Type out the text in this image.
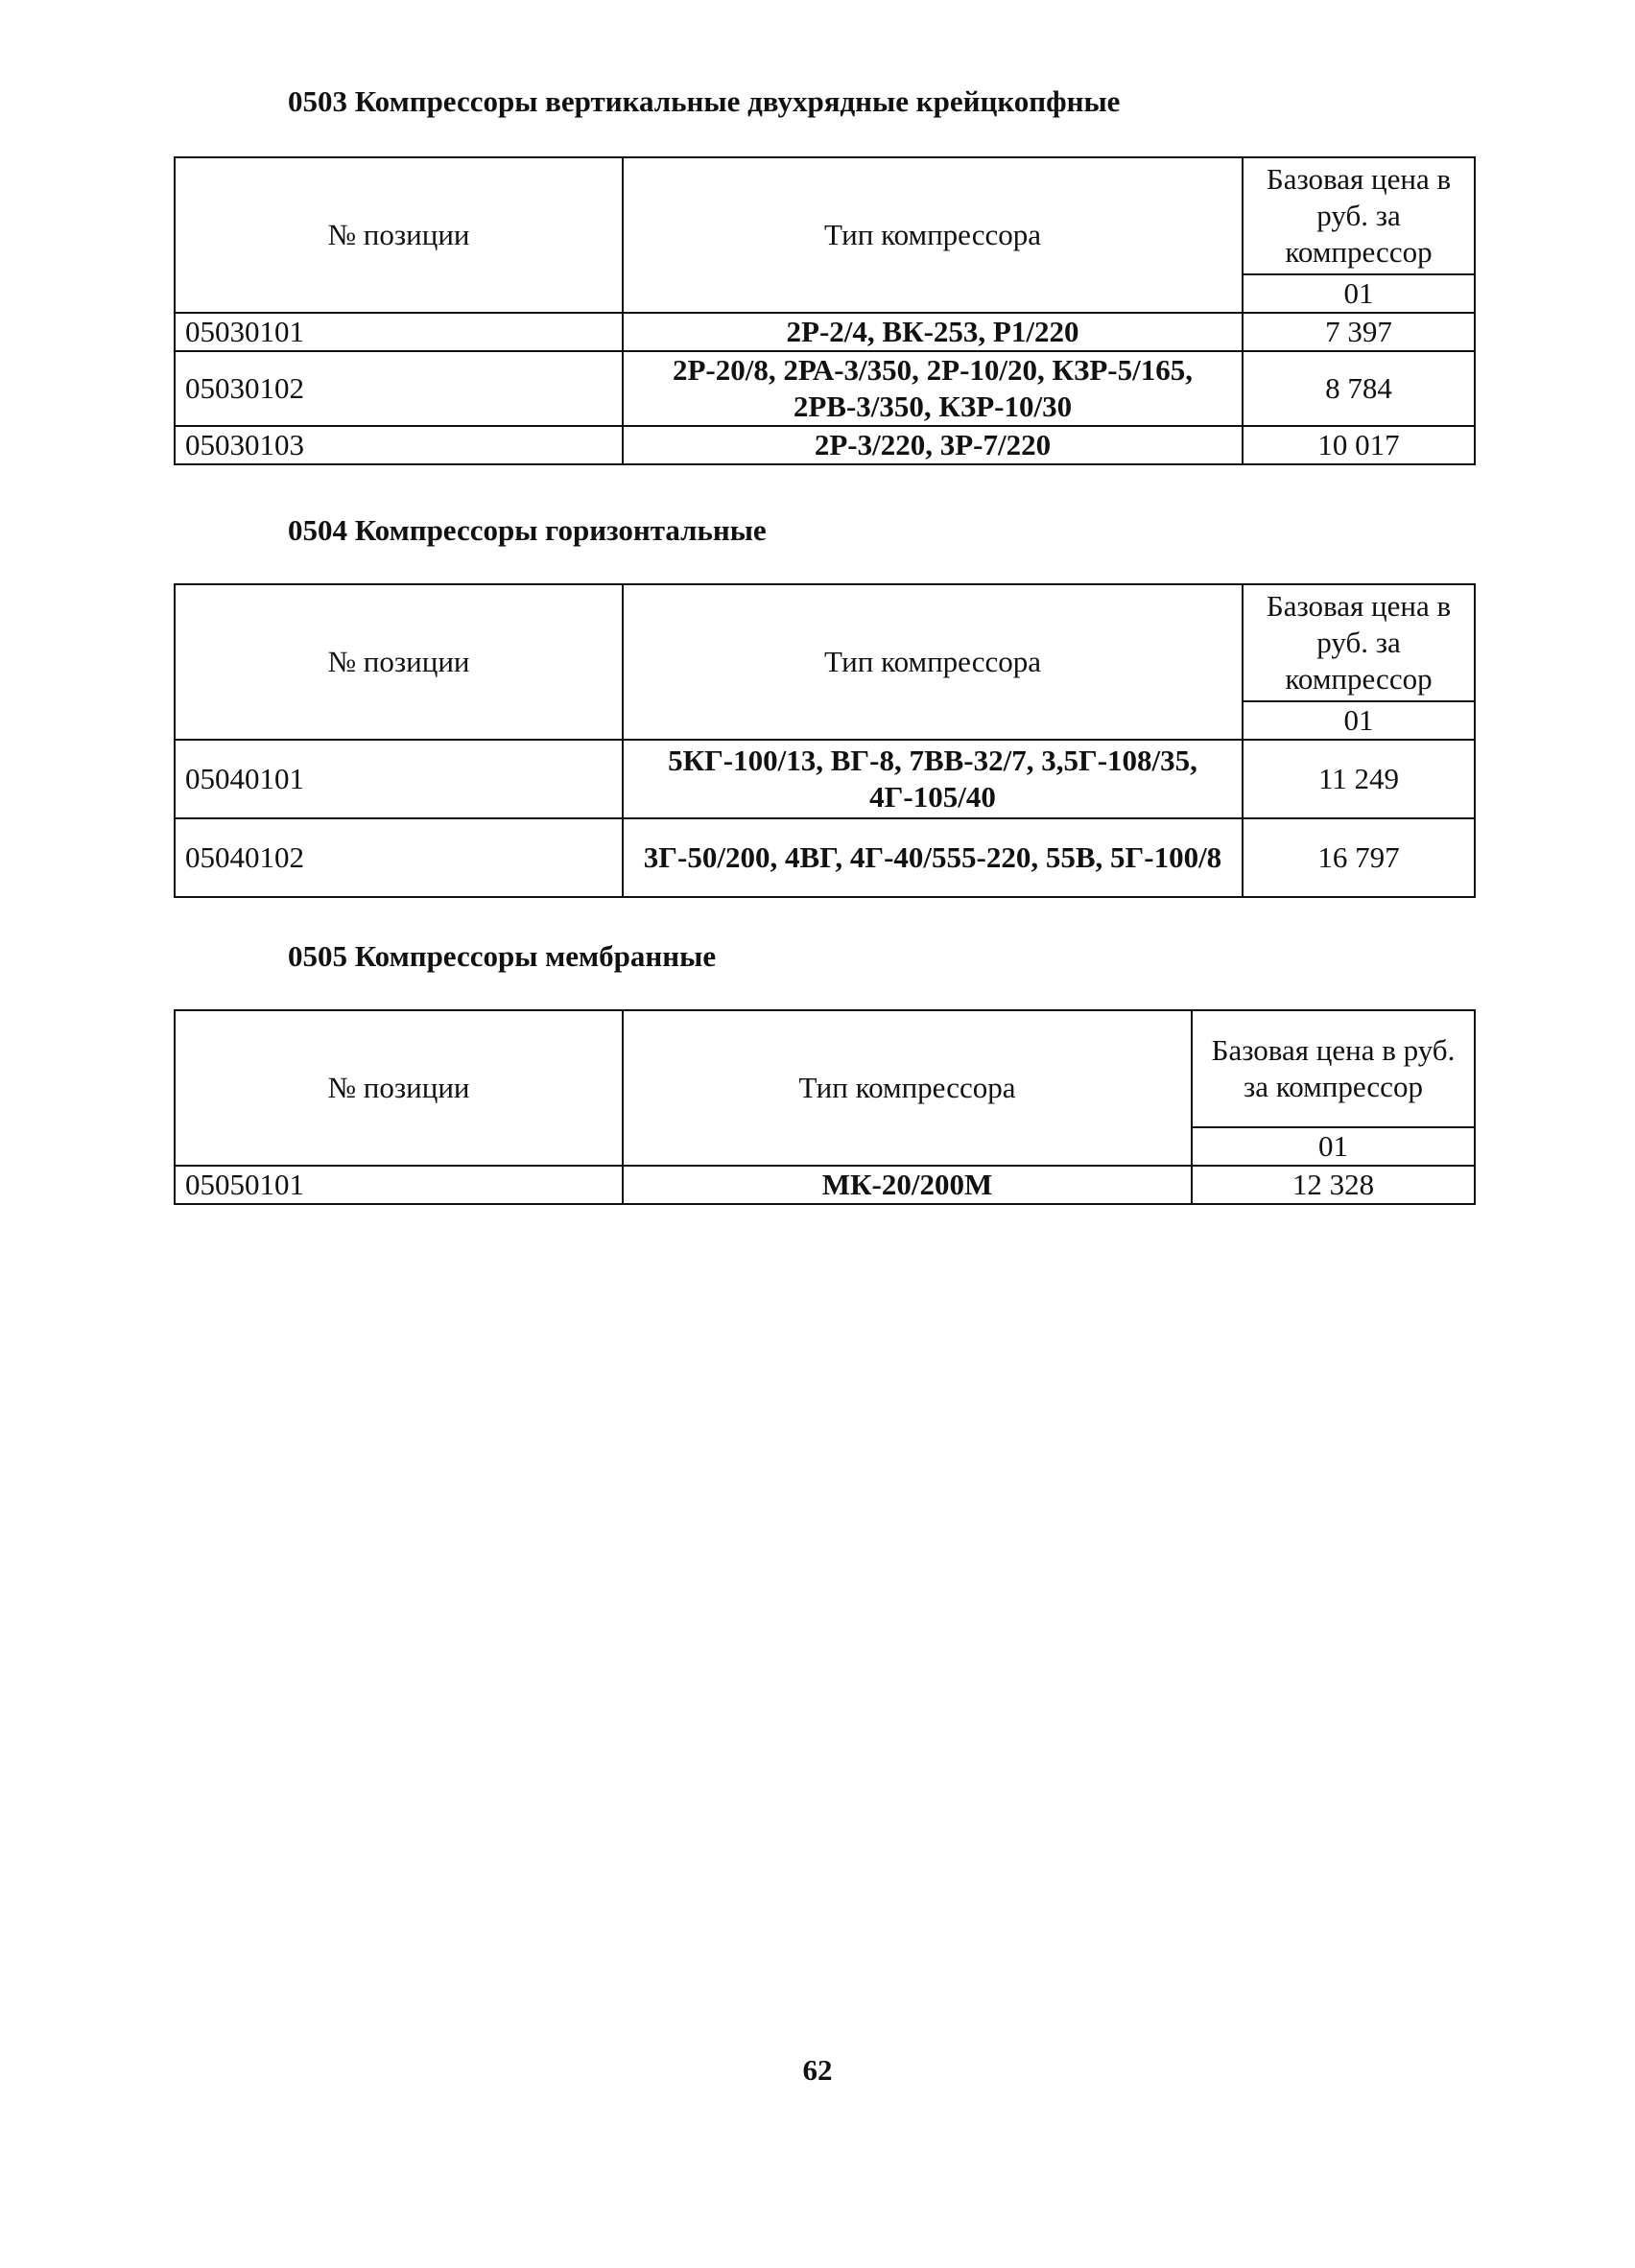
0503 Компрессоры вертикальные двухрядные крейцкопфные
№ позиции	Тип компрессора	Базовая цена в руб. за компрессор
		01
05030101	2Р-2/4, ВК-253, Р1/220	7 397
05030102	2Р-20/8, 2РА-3/350, 2Р-10/20, КЗР-5/165, 2РВ-3/350, КЗР-10/30	8 784
05030103	2Р-3/220, 3Р-7/220	10 017
0504 Компрессоры горизонтальные
№ позиции	Тип компрессора	Базовая цена в руб. за компрессор
		01
05040101	5КГ-100/13, ВГ-8, 7ВВ-32/7, 3,5Г-108/35, 4Г-105/40	11 249
05040102	3Г-50/200, 4ВГ, 4Г-40/555-220, 55В, 5Г-100/8	16 797
0505 Компрессоры мембранные
№ позиции	Тип компрессора	Базовая цена в руб. за компрессор
		01
05050101	МК-20/200М	12 328

62
